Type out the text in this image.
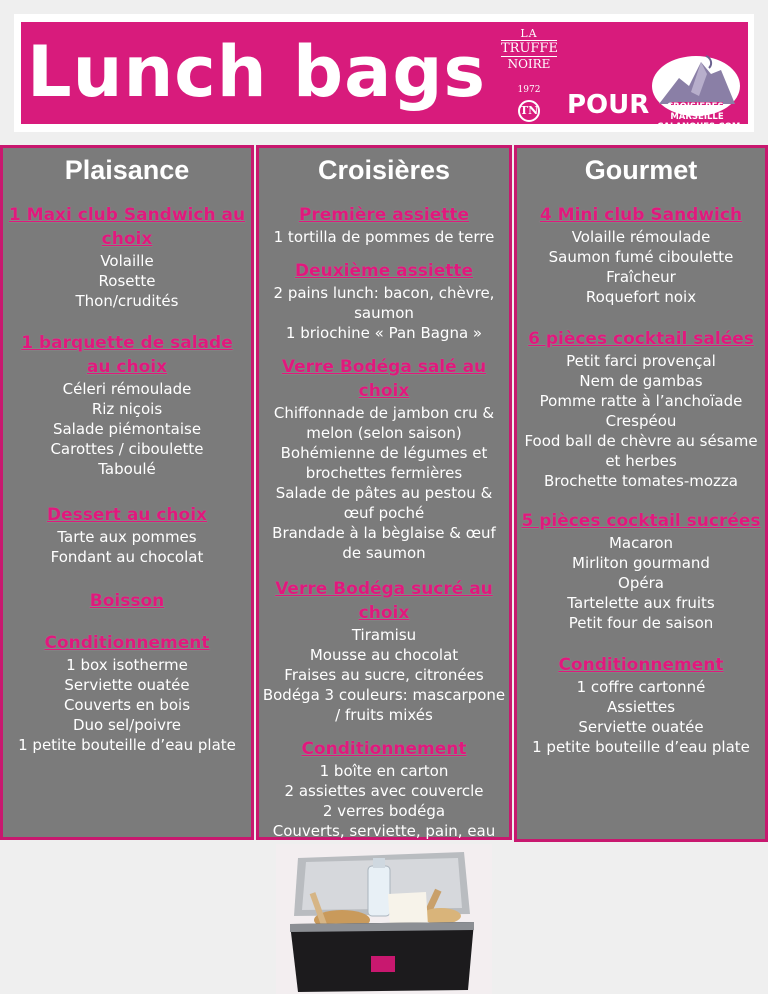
Lunch bags	LA
TRUFFE
NOIRE
1972
TN POUR	CROISIERES-MARSEILLE
-CALANQUES.COM
Plaisance
1 Maxi club Sandwich au choix
Volaille
Rosette
Thon/crudités
1 barquette de salade au choix
Céleri rémoulade
Riz niçois
Salade piémontaise
Carottes / ciboulette
Taboulé
Dessert au choix
Tarte aux pommes
Fondant au chocolat
Boisson
Conditionnement
1 box isotherme
Serviette ouatée
Couverts en bois
Duo sel/poivre
1 petite bouteille d’eau plate
Croisières
Première assiette
1 tortilla de pommes de terre
Deuxième assiette
2 pains lunch: bacon, chèvre, saumon
1 briochine « Pan Bagna »
Verre Bodéga salé au choix
Chiffonnade de jambon cru & melon (selon saison)
Bohémienne de légumes et brochettes fermières
Salade de pâtes au pestou & œuf poché
Brandade à la bèglaise & œuf de saumon
Verre Bodéga sucré au choix
Tiramisu
Mousse au chocolat
Fraises au sucre, citronées
Bodéga 3 couleurs: mascarpone / fruits mixés
Conditionnement
1 boîte en carton
2 assiettes avec couvercle
2 verres bodéga
Couverts, serviette, pain, eau
Gourmet
4 Mini club Sandwich
Volaille rémoulade
Saumon fumé ciboulette
Fraîcheur
Roquefort noix
6 pièces cocktail salées
Petit farci provençal
Nem de gambas
Pomme ratte à l’anchoïade
Crespéou
Food ball de chèvre au sésame et herbes
Brochette tomates-mozza
5 pièces cocktail sucrées
Macaron
Mirliton gourmand
Opéra
Tartelette aux fruits
Petit four de saison
Conditionnement
1 coffre cartonné
Assiettes
Serviette ouatée
1 petite bouteille d’eau plate
